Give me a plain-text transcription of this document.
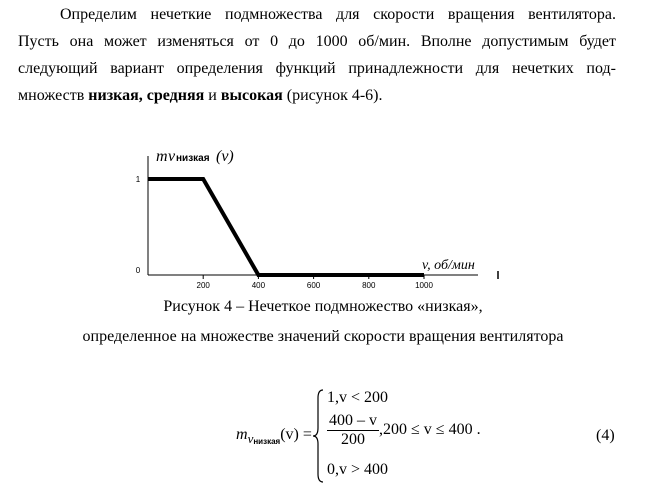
Определим нечеткие подмножества для скорости вращения вентилятора.
Пусть она может изменяться от 0 до 1000 об/мин. Вполне допустимым будет
следующий вариант определения функций принадлежности для нечетких под-
множеств низкая, средняя и высокая (рисунок 4-6).
m v низкая (v)
v, об/мин
200	400	600	800	1000
0
1
Рисунок 4 – Нечеткое подмножество «низкая»,
определенное на множестве значений скорости вращения вентилятора
$m_{vнизкая}(v)$ =
1,v < 200
$\frac{400 - v}{200} ,200 \le v \le 400$ .
0,v > 400
(4)
